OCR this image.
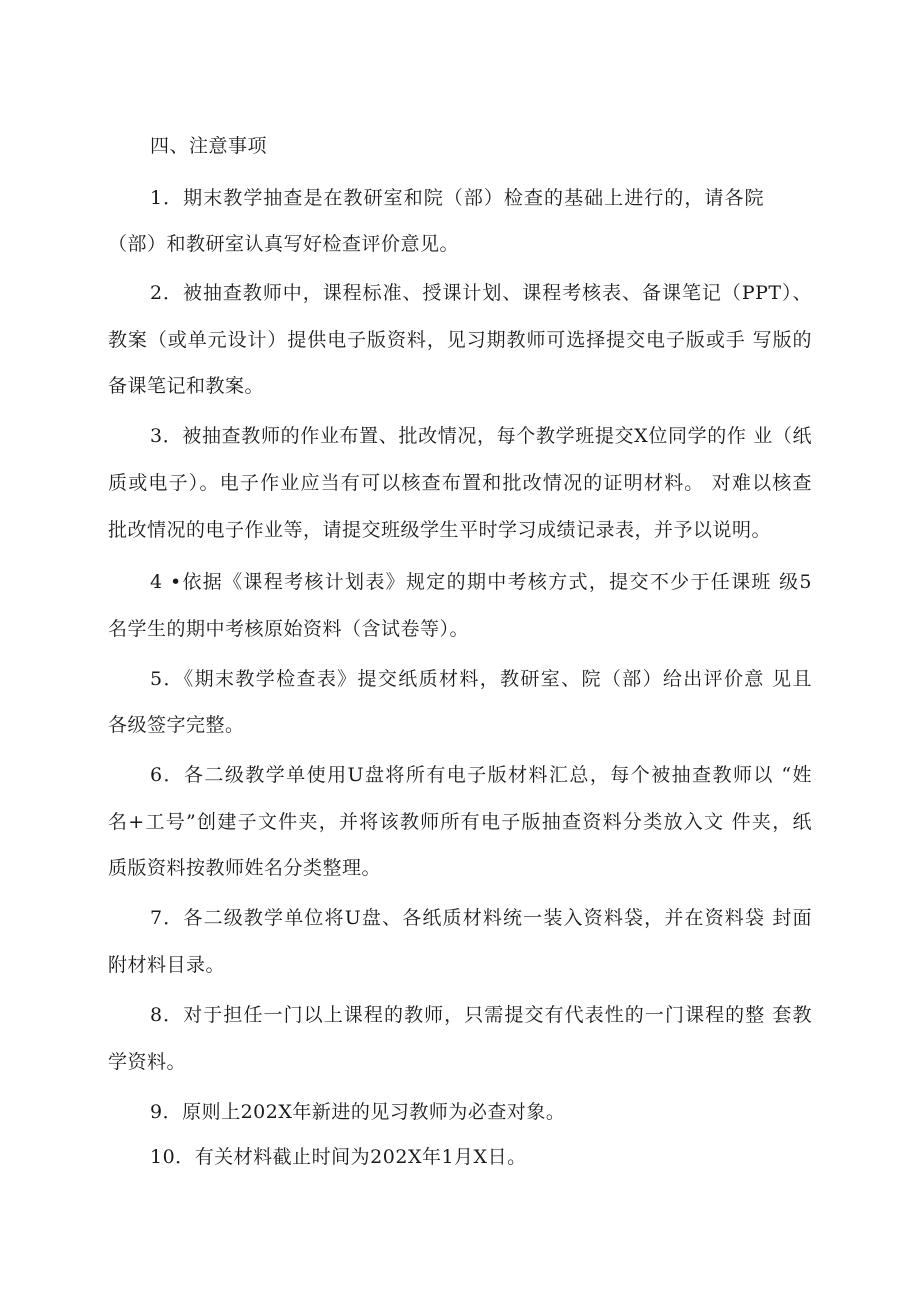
四、注意事项
1．期末教学抽查是在教研室和院（部）检查的基础上进行的，请各院
（部）和教研室认真写好检查评价意见。
2．被抽查教师中，课程标准、授课计划、课程考核表、备课笔记（PPT）、
教案（或单元设计）提供电子版资料，见习期教师可选择提交电子版或手 写版的
备课笔记和教案。
3．被抽查教师的作业布置、批改情况，每个教学班提交X位同学的作 业（纸
质或电子）。电子作业应当有可以核查布置和批改情况的证明材料。 对难以核查
批改情况的电子作业等，请提交班级学生平时学习成绩记录表，并予以说明。
4 •依据《课程考核计划表》规定的期中考核方式，提交不少于任课班 级5
名学生的期中考核原始资料（含试卷等）。
5．《期末教学检查表》提交纸质材料，教研室、院（部）给出评价意 见且
各级签字完整。
6．各二级教学单使用U盘将所有电子版材料汇总，每个被抽查教师以 “姓
名+工号”创建子文件夹，并将该教师所有电子版抽查资料分类放入文 件夹，纸
质版资料按教师姓名分类整理。
7．各二级教学单位将U盘、各纸质材料统一装入资料袋，并在资料袋 封面
附材料目录。
8．对于担任一门以上课程的教师，只需提交有代表性的一门课程的整 套教
学资料。
9．原则上202X年新进的见习教师为必查对象。
10．有关材料截止时间为202X年1月X日。
